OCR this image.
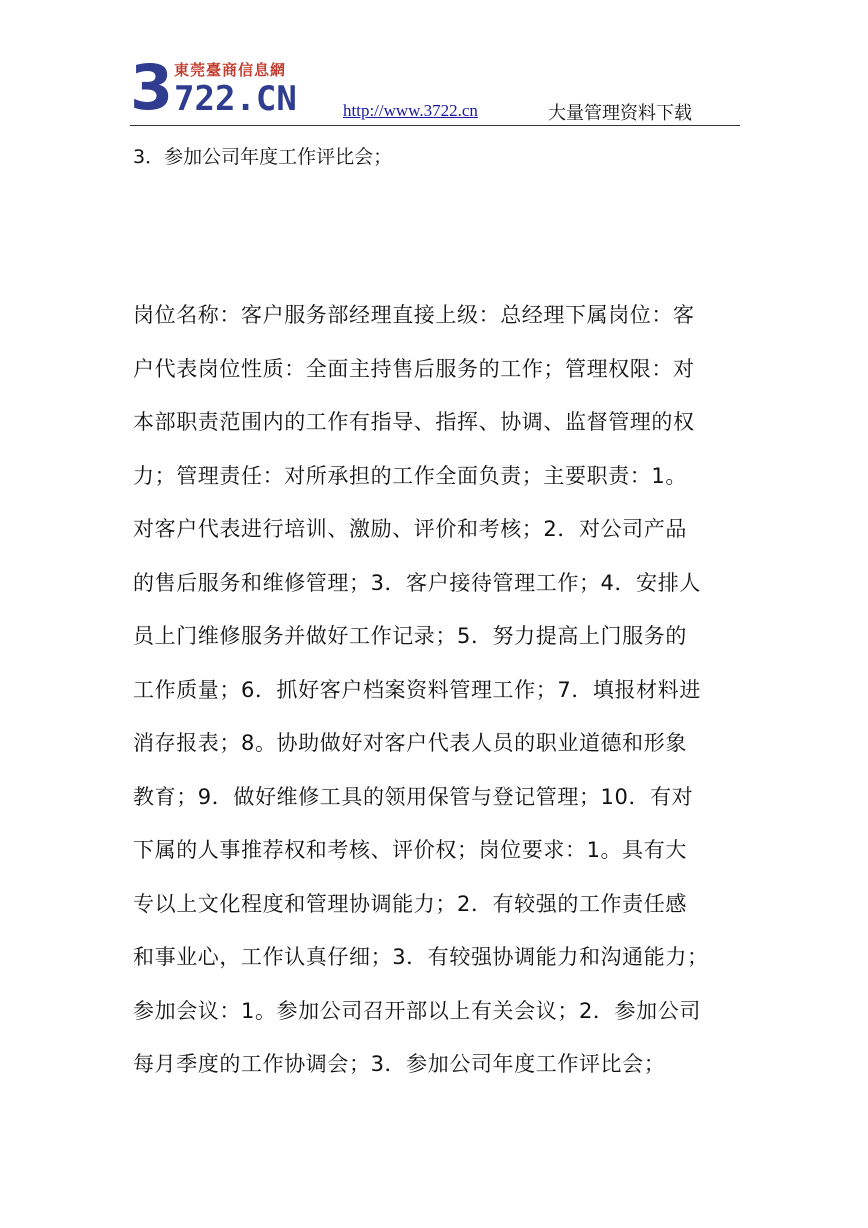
3 東莞臺商信息網
722.CN	http://www.3722.cn	大量管理资料下载
3．参加公司年度工作评比会；
岗位名称：客户服务部经理直接上级：总经理下属岗位：客
户代表岗位性质：全面主持售后服务的工作；管理权限：对
本部职责范围内的工作有指导、指挥、协调、监督管理的权
力；管理责任：对所承担的工作全面负责；主要职责：1。
对客户代表进行培训、激励、评价和考核；2．对公司产品
的售后服务和维修管理；3．客户接待管理工作；4．安排人
员上门维修服务并做好工作记录；5．努力提高上门服务的
工作质量；6．抓好客户档案资料管理工作；7．填报材料进
消存报表；8。协助做好对客户代表人员的职业道德和形象
教育；9．做好维修工具的领用保管与登记管理；10．有对
下属的人事推荐权和考核、评价权；岗位要求：1。具有大
专以上文化程度和管理协调能力；2．有较强的工作责任感
和事业心，工作认真仔细；3．有较强协调能力和沟通能力；
参加会议：1。参加公司召开部以上有关会议；2．参加公司
每月季度的工作协调会；3．参加公司年度工作评比会；
